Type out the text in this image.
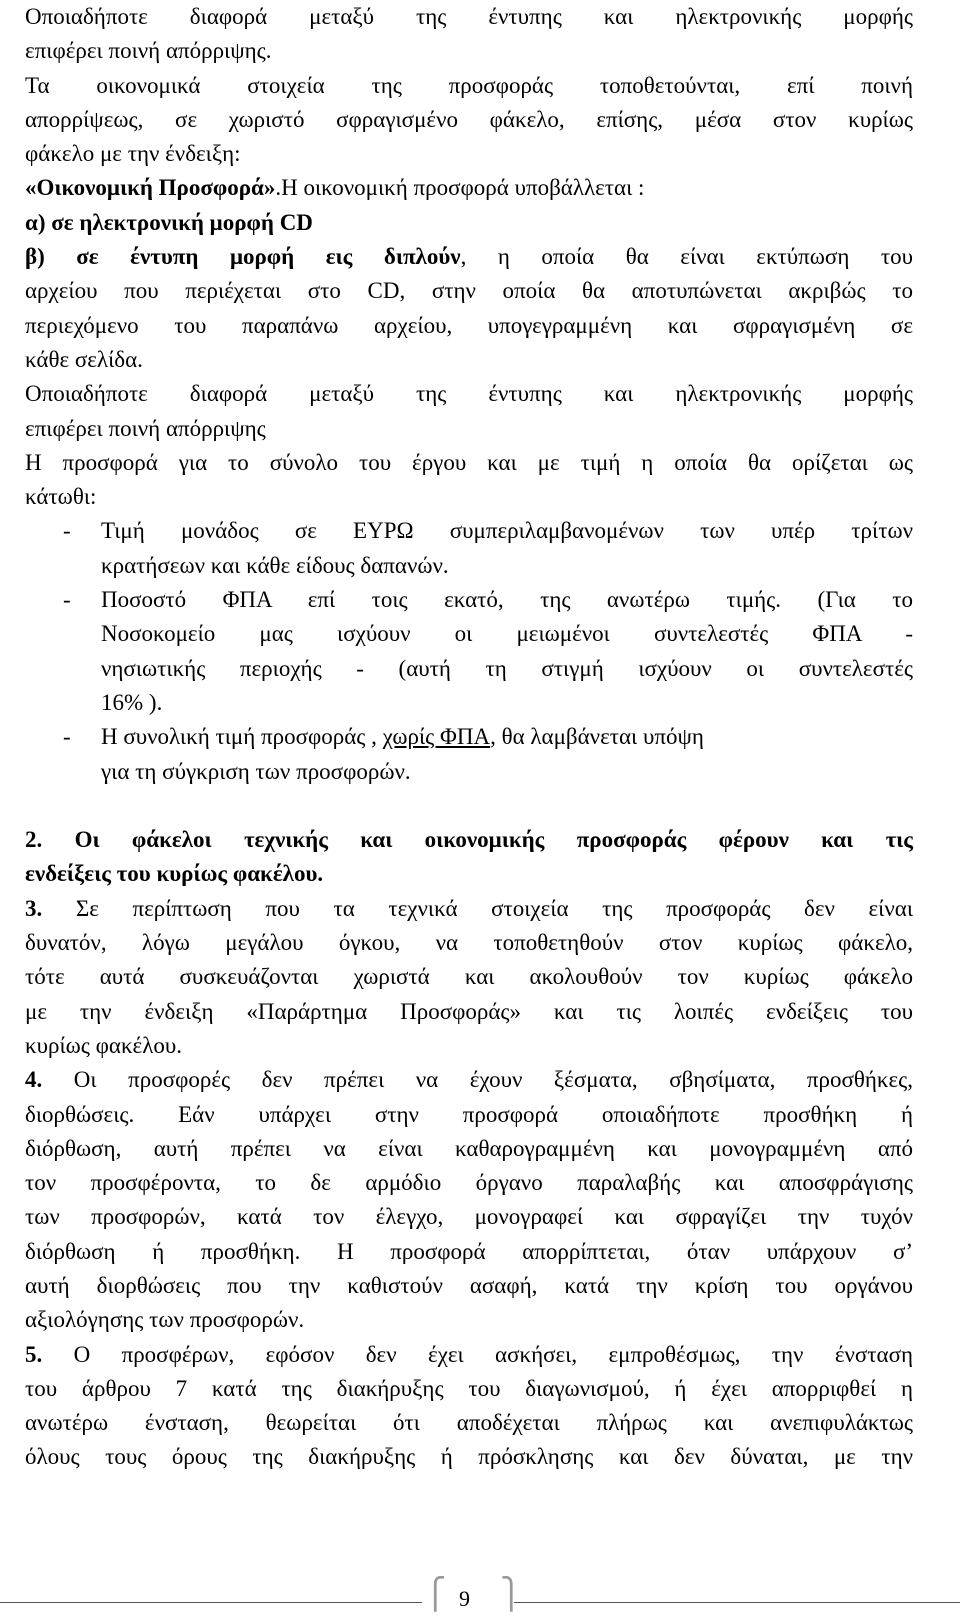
Οποιαδήποτε διαφορά μεταξύ της έντυπης και ηλεκτρονικής μορφής
επιφέρει ποινή απόρριψης.
Τα οικονομικά στοιχεία της προσφοράς τοποθετούνται, επί ποινή
απορρίψεως, σε χωριστό σφραγισμένο φάκελο, επίσης, μέσα στον κυρίως
φάκελο με την ένδειξη:
«Οικονομική Προσφορά».Η οικονομική προσφορά υποβάλλεται :
α) σε ηλεκτρονική μορφή CD
β) σε έντυπη μορφή εις διπλούν, η οποία θα είναι εκτύπωση του
αρχείου που περιέχεται στο CD, στην οποία θα αποτυπώνεται ακριβώς το
περιεχόμενο του παραπάνω αρχείου, υπογεγραμμένη και σφραγισμένη σε
κάθε σελίδα.
Οποιαδήποτε διαφορά μεταξύ της έντυπης και ηλεκτρονικής μορφής
επιφέρει ποινή απόρριψης
Η προσφορά για το σύνολο του έργου και με τιμή η οποία θα ορίζεται ως
κάτωθι:
- Τιμή μονάδος σε ΕΥΡΩ συμπεριλαμβανομένων των υπέρ τρίτων
κρατήσεων και κάθε είδους δαπανών.
- Ποσοστό ΦΠΑ επί τοις εκατό, της ανωτέρω τιμής. (Για το
Νοσοκομείο μας ισχύουν οι μειωμένοι συντελεστές ΦΠΑ -
νησιωτικής περιοχής - (αυτή τη στιγμή ισχύουν οι συντελεστές
16% ).
- Η συνολική τιμή προσφοράς , χωρίς ΦΠΑ, θα λαμβάνεται υπόψη
για τη σύγκριση των προσφορών.
2. Οι φάκελοι τεχνικής και οικονομικής προσφοράς φέρουν και τις
ενδείξεις του κυρίως φακέλου.
3. Σε περίπτωση που τα τεχνικά στοιχεία της προσφοράς δεν είναι
δυνατόν, λόγω μεγάλου όγκου, να τοποθετηθούν στον κυρίως φάκελο,
τότε αυτά συσκευάζονται χωριστά και ακολουθούν τον κυρίως φάκελο
με την ένδειξη «Παράρτημα Προσφοράς» και τις λοιπές ενδείξεις του
κυρίως φακέλου.
4. Οι προσφορές δεν πρέπει να έχουν ξέσματα, σβησίματα, προσθήκες,
διορθώσεις. Εάν υπάρχει στην προσφορά οποιαδήποτε προσθήκη ή
διόρθωση, αυτή πρέπει να είναι καθαρογραμμένη και μονογραμμένη από
τον προσφέροντα, το δε αρμόδιο όργανο παραλαβής και αποσφράγισης
των προσφορών, κατά τον έλεγχο, μονογραφεί και σφραγίζει την τυχόν
διόρθωση ή προσθήκη. Η προσφορά απορρίπτεται, όταν υπάρχουν σ’
αυτή διορθώσεις που την καθιστούν ασαφή, κατά την κρίση του οργάνου
αξιολόγησης των προσφορών.
5. Ο προσφέρων, εφόσον δεν έχει ασκήσει, εμπροθέσμως, την ένσταση
του άρθρου 7 κατά της διακήρυξης του διαγωνισμού, ή έχει απορριφθεί η
ανωτέρω ένσταση, θεωρείται ότι αποδέχεται πλήρως και ανεπιφυλάκτως
όλους τους όρους της διακήρυξης ή πρόσκλησης και δεν δύναται, με την
⎧ ⎫
9
